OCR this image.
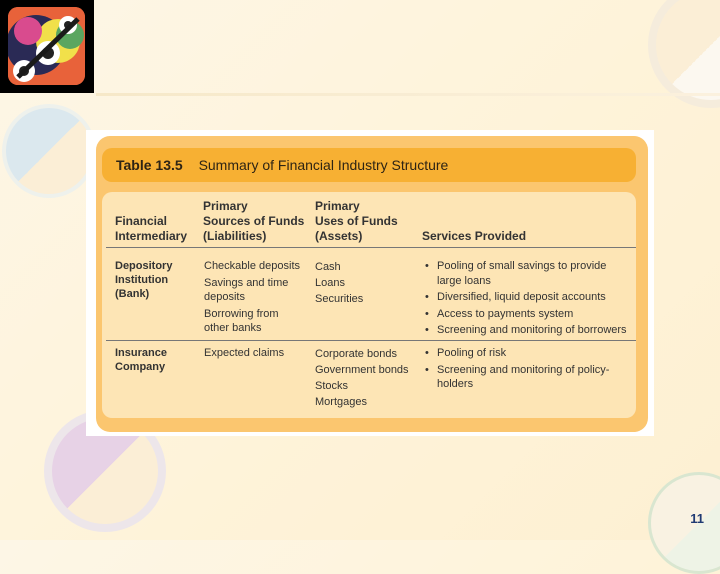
Table 13.5 Summary of Financial Industry Structure
Financial
Intermediary
Primary
Sources of Funds
(Liabilities)
Primary
Uses of Funds
(Assets)	Services Provided
Depository
Institution
(Bank)
Checkable deposits
Savings and time
deposits
Borrowing from
other banks
Cash
Loans
Securities
• Pooling of small savings to provide
large loans
• Diversified, liquid deposit accounts
• Access to payments system
• Screening and monitoring of borrowers
Insurance
Company
Expected claims	Corporate bonds
Government bonds
Stocks
Mortgages
• Pooling of risk
• Screening and monitoring of policy-
holders
11
